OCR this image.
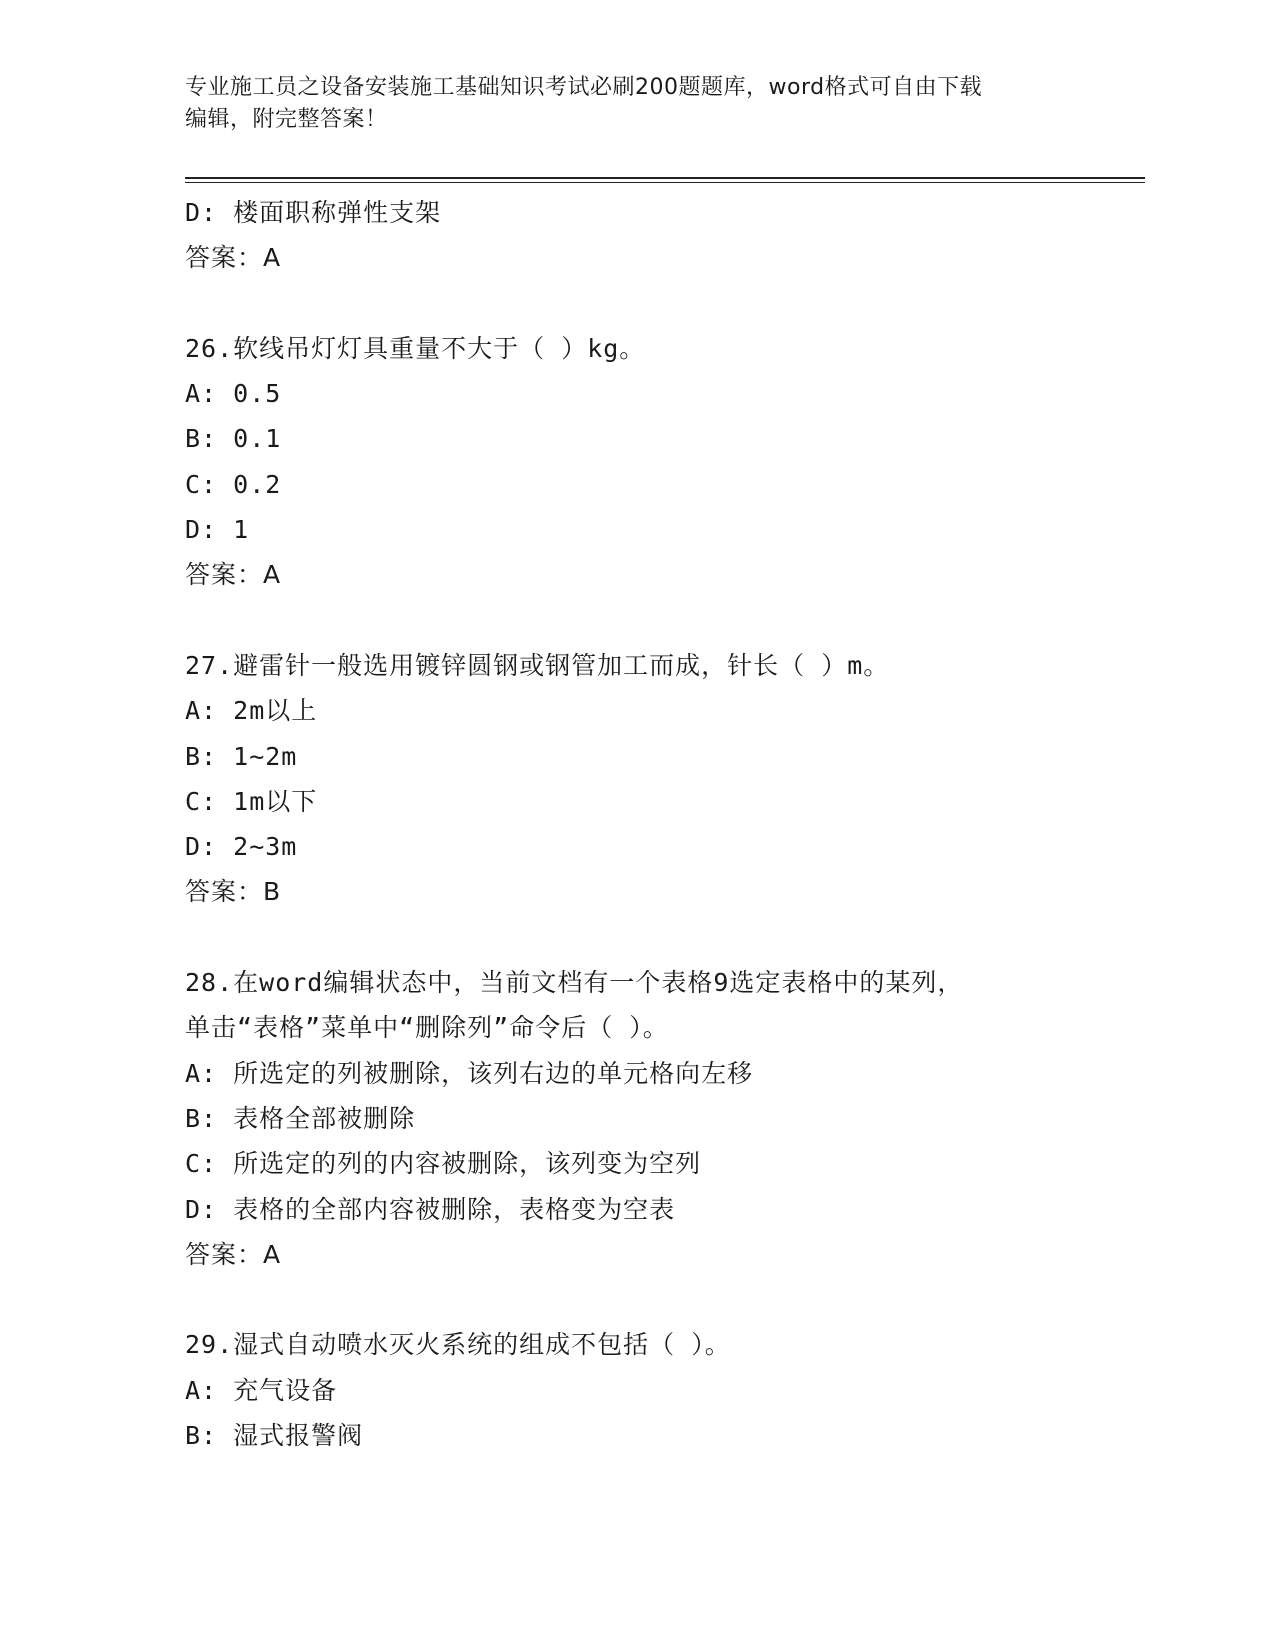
专业施工员之设备安装施工基础知识考试必刷200题题库，word格式可自由下载
编辑，附完整答案！
D: 楼面职称弹性支架
答案：A
26.软线吊灯灯具重量不大于（ ）kg。
A: 0.5
B: 0.1
C: 0.2
D: 1
答案：A
27.避雷针一般选用镀锌圆钢或钢管加工而成，针长（ ）m。
A: 2m以上
B: 1~2m
C: 1m以下
D: 2~3m
答案：B
28.在word编辑状态中，当前文档有一个表格9选定表格中的某列，
单击“表格”菜单中“删除列”命令后（ ）。
A: 所选定的列被删除，该列右边的单元格向左移
B: 表格全部被删除
C: 所选定的列的内容被删除，该列变为空列
D: 表格的全部内容被删除，表格变为空表
答案：A
29.湿式自动喷水灭火系统的组成不包括（ ）。
A: 充气设备
B: 湿式报警阀
